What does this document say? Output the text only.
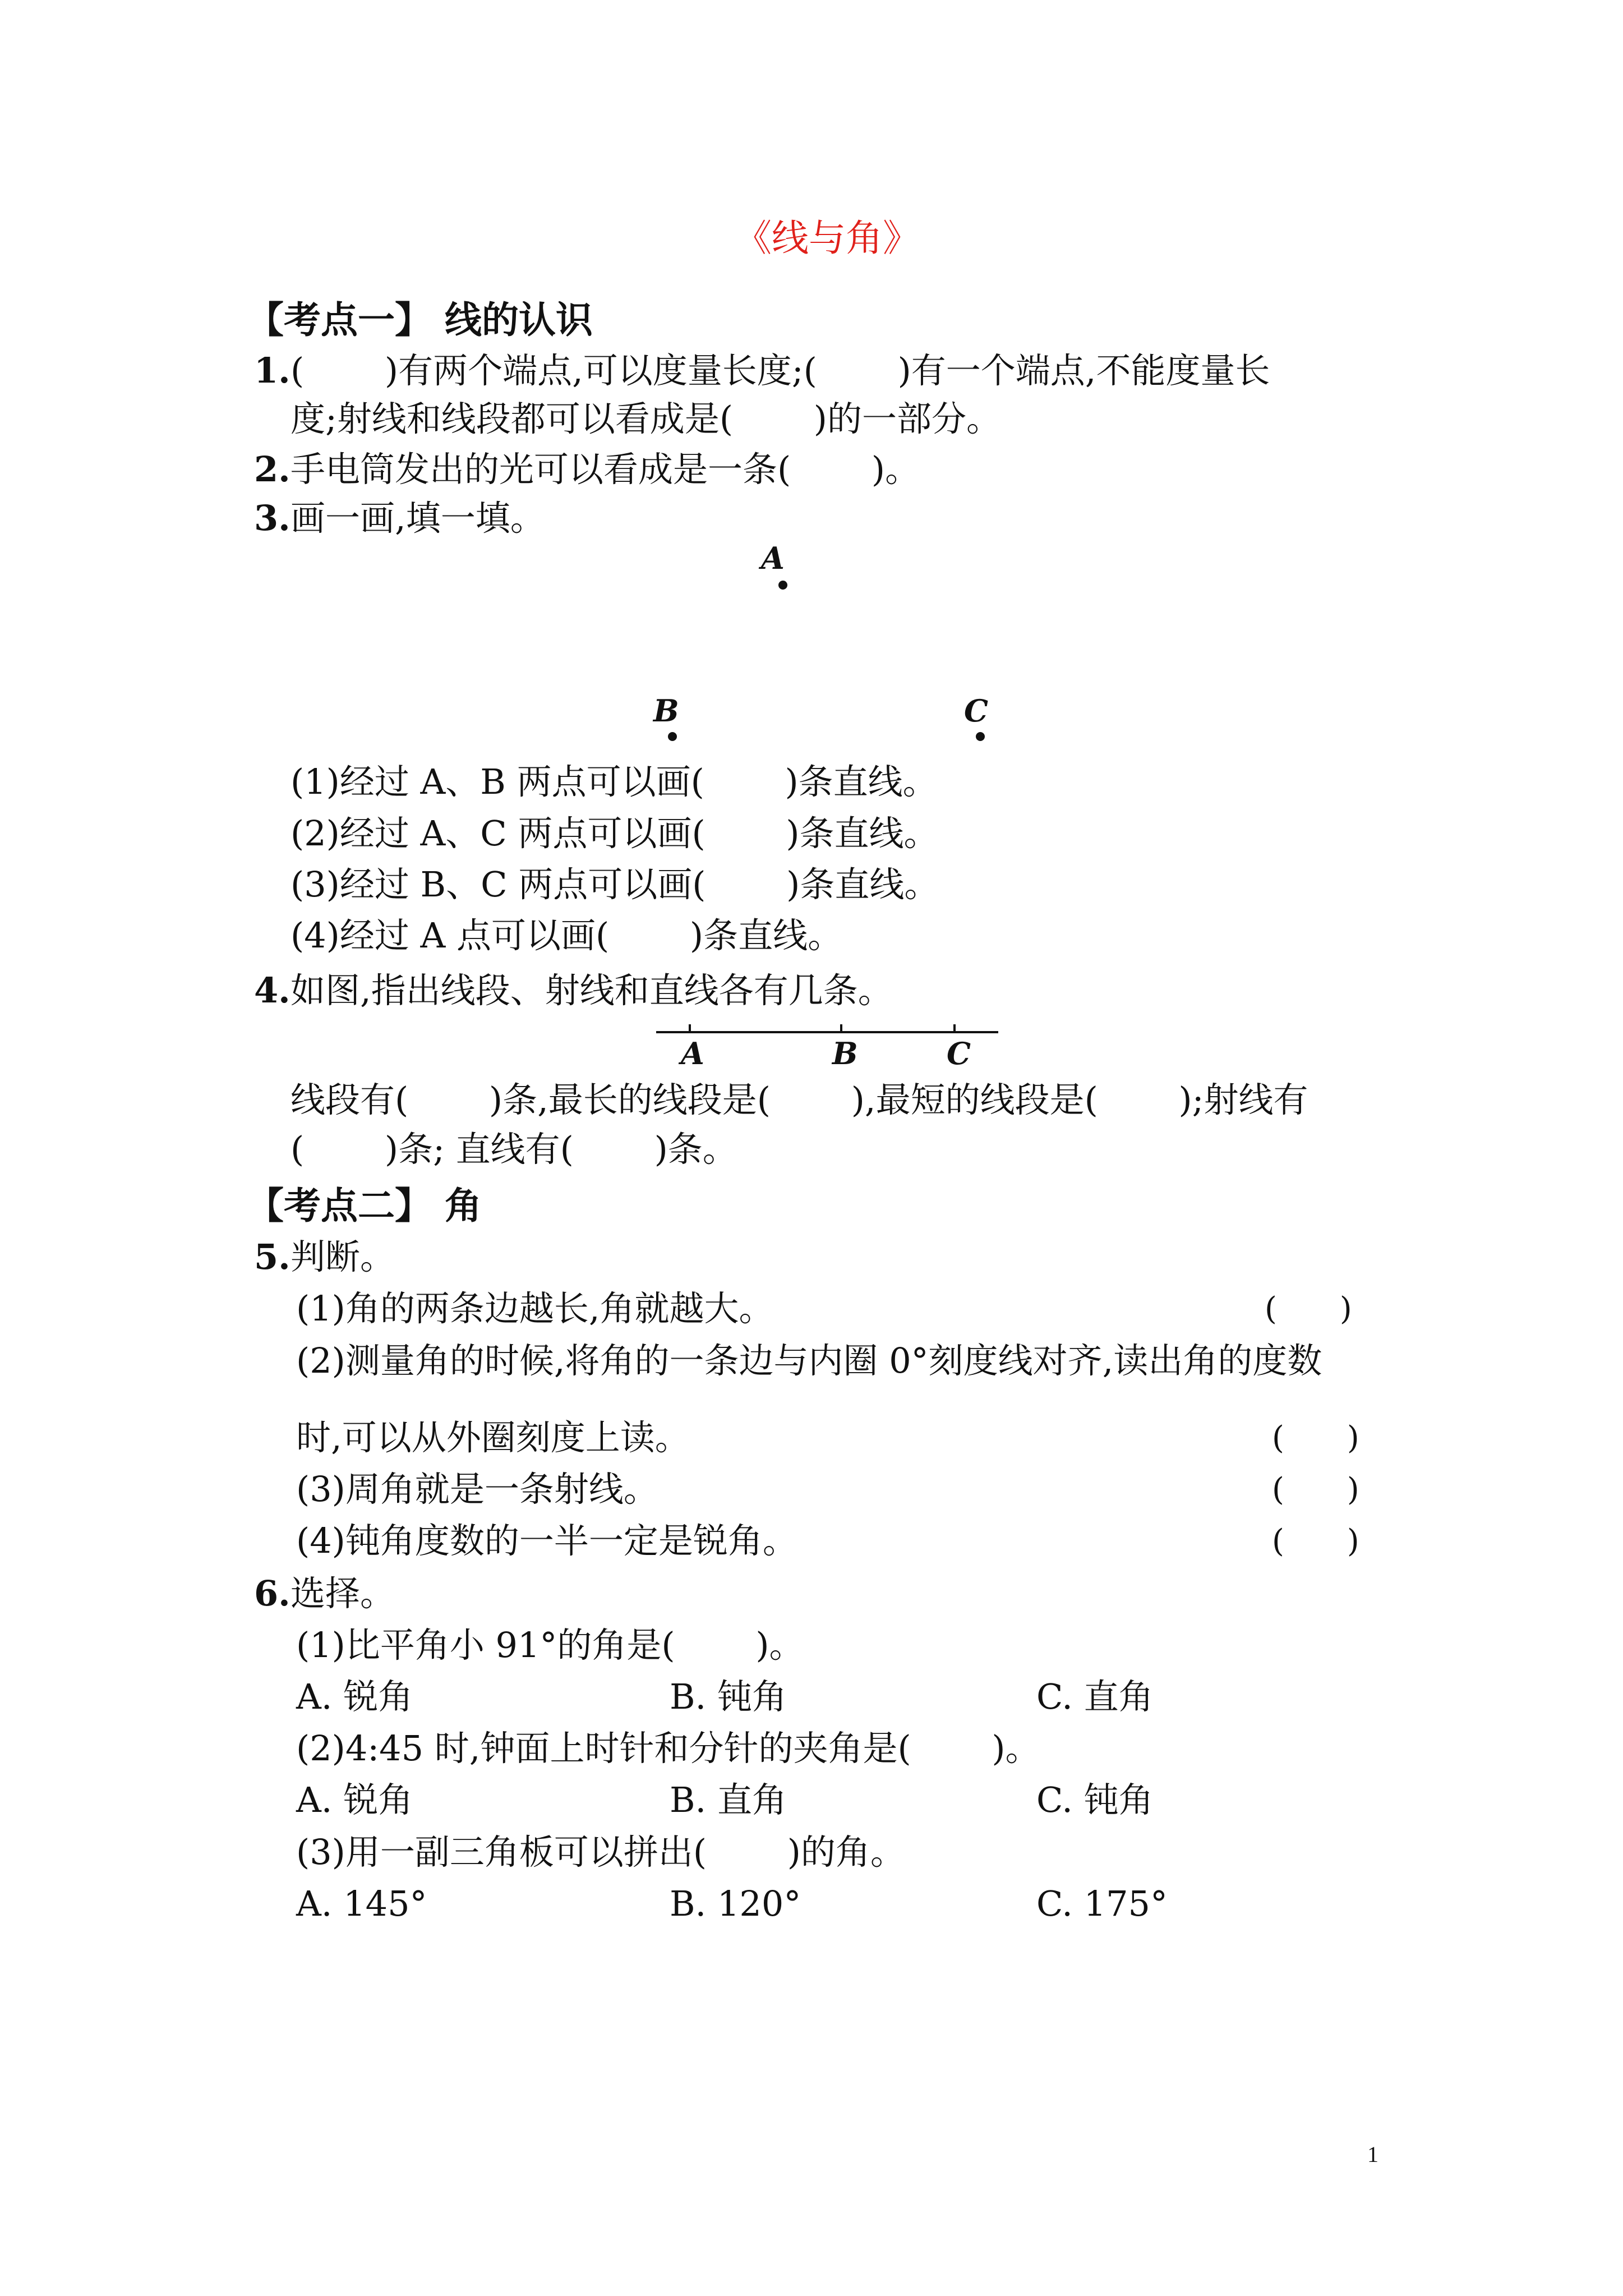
《线与角》
【考点一】 线的认识
1. (　　 )有两个端点,可以度量长度;(　　 )有一个端点,不能度量长
度;射线和线段都可以看成是(　　 )的一部分。
2. 手电筒发出的光可以看成是一条(　　 )。
3. 画一画,填一填。
A
B	C
(1)经过 A、B 两点可以画(　　 )条直线。
(2)经过 A、C 两点可以画(　　 )条直线。
(3)经过 B、C 两点可以画(　　 )条直线。
(4)经过 A 点可以画(　　 )条直线。
4. 如图,指出线段、射线和直线各有几条。
A	B	C
线段有(　　 )条,最长的线段是(　　 ),最短的线段是(　　 );射线有
(　　 )条; 直线有(　　 )条。
【考点二】 角
5. 判断。
(1)角的两条边越长,角就越大。	(　　)
(2)测量角的时候,将角的一条边与内圈 0°刻度线对齐,读出角的度数
时,可以从外圈刻度上读。	(　　)
(3)周角就是一条射线。	(　　)
(4)钝角度数的一半一定是锐角。	(　　)
6. 选择。
(1)比平角小 91°的角是(　　 )。
A. 锐角	B. 钝角	C. 直角
(2)4:45 时,钟面上时针和分针的夹角是(　　 )。
A. 锐角	B. 直角	C. 钝角
(3)用一副三角板可以拼出(　　 )的角。
A. 145°	B. 120°	C. 175°
1
